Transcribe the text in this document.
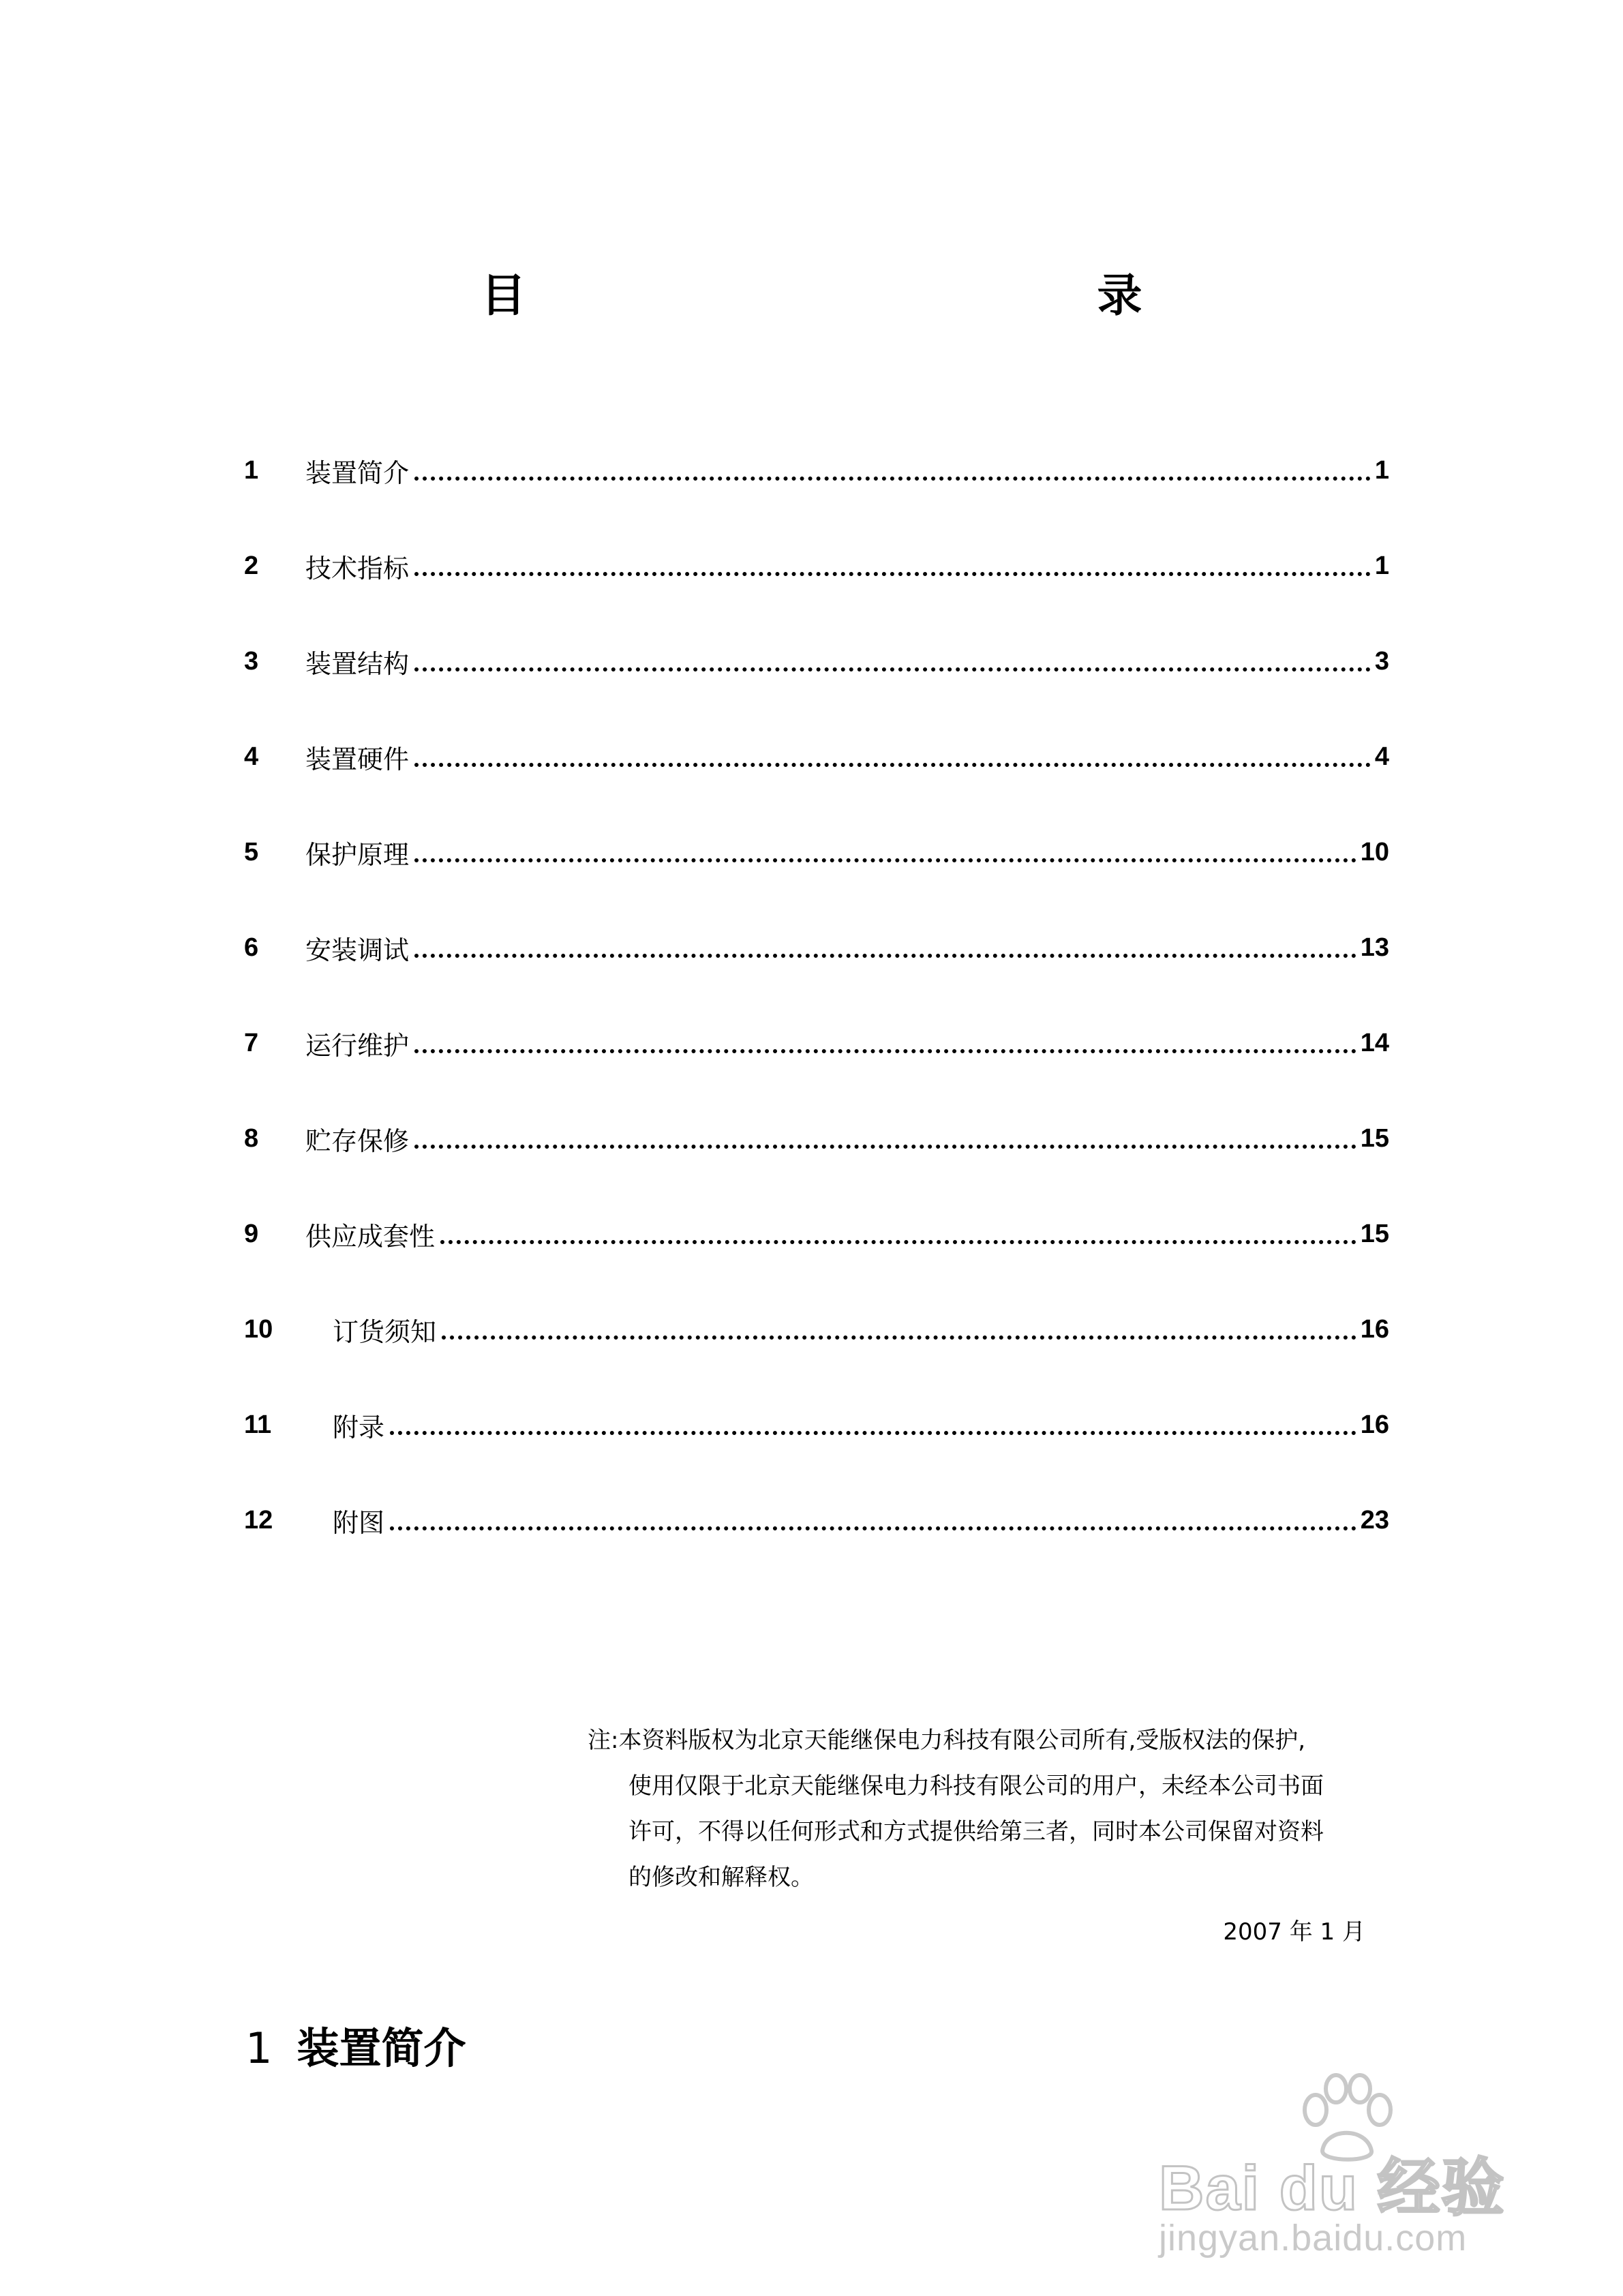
目　　　录
1	装置简介	1
2	技术指标	1
3	装置结构	3
4	装置硬件	4
5	保护原理	10
6	安装调试	13
7	运行维护	14
8	贮存保修	15
9	供应成套性	15
10	订货须知	16
11	附录	16
12	附图	23
注:本资料版权为北京天能继保电力科技有限公司所有,受版权法的保护,
使用仅限于北京天能继保电力科技有限公司的用户，未经本公司书面
许可，不得以任何形式和方式提供给第三者，同时本公司保留对资料
的修改和解释权。
2007 年 1 月
1 装置简介
Bai du 经验
jingyan.baidu.com
